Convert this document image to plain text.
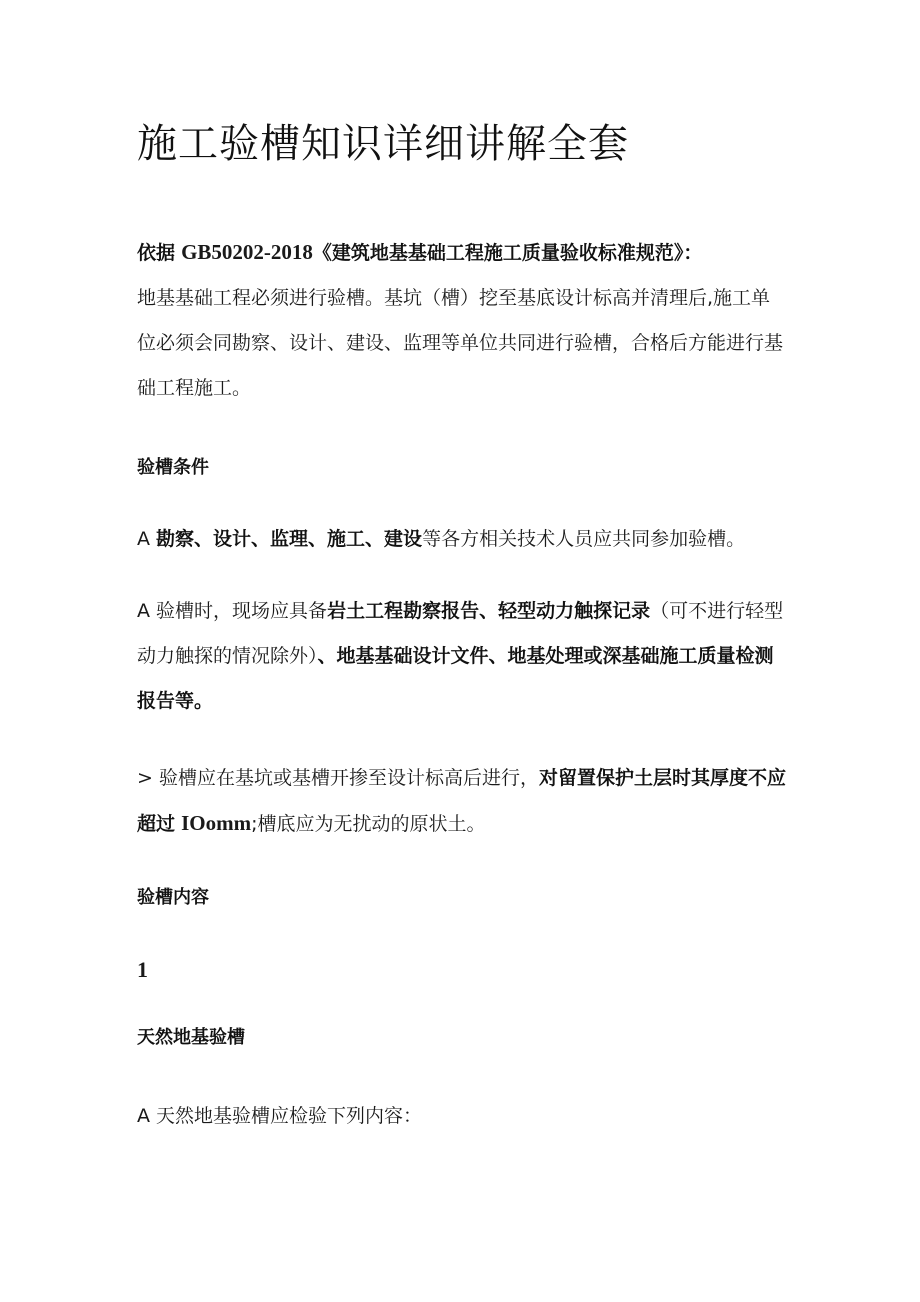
施工验槽知识详细讲解全套
依据 GB50202-2018《建筑地基基础工程施工质量验收标准规范》：
地基基础工程必须进行验槽。基坑（槽）挖至基底设计标高并清理后,施工单位必须会同勘察、设计、建设、监理等单位共同进行验槽，合格后方能进行基础工程施工。
验槽条件

A 勘察、设计、监理、施工、建设等各方相关技术人员应共同参加验槽。

A 验槽时，现场应具备岩土工程勘察报告、轻型动力触探记录（可不进行轻型动力触探的情况除外）、地基基础设计文件、地基处理或深基础施工质量检测报告等。

> 验槽应在基坑或基槽开掺至设计标高后进行，对留置保护土层时其厚度不应超过 IOomm;槽底应为无扰动的原状土。

验槽内容

1

天然地基验槽

A 天然地基验槽应检验下列内容：
